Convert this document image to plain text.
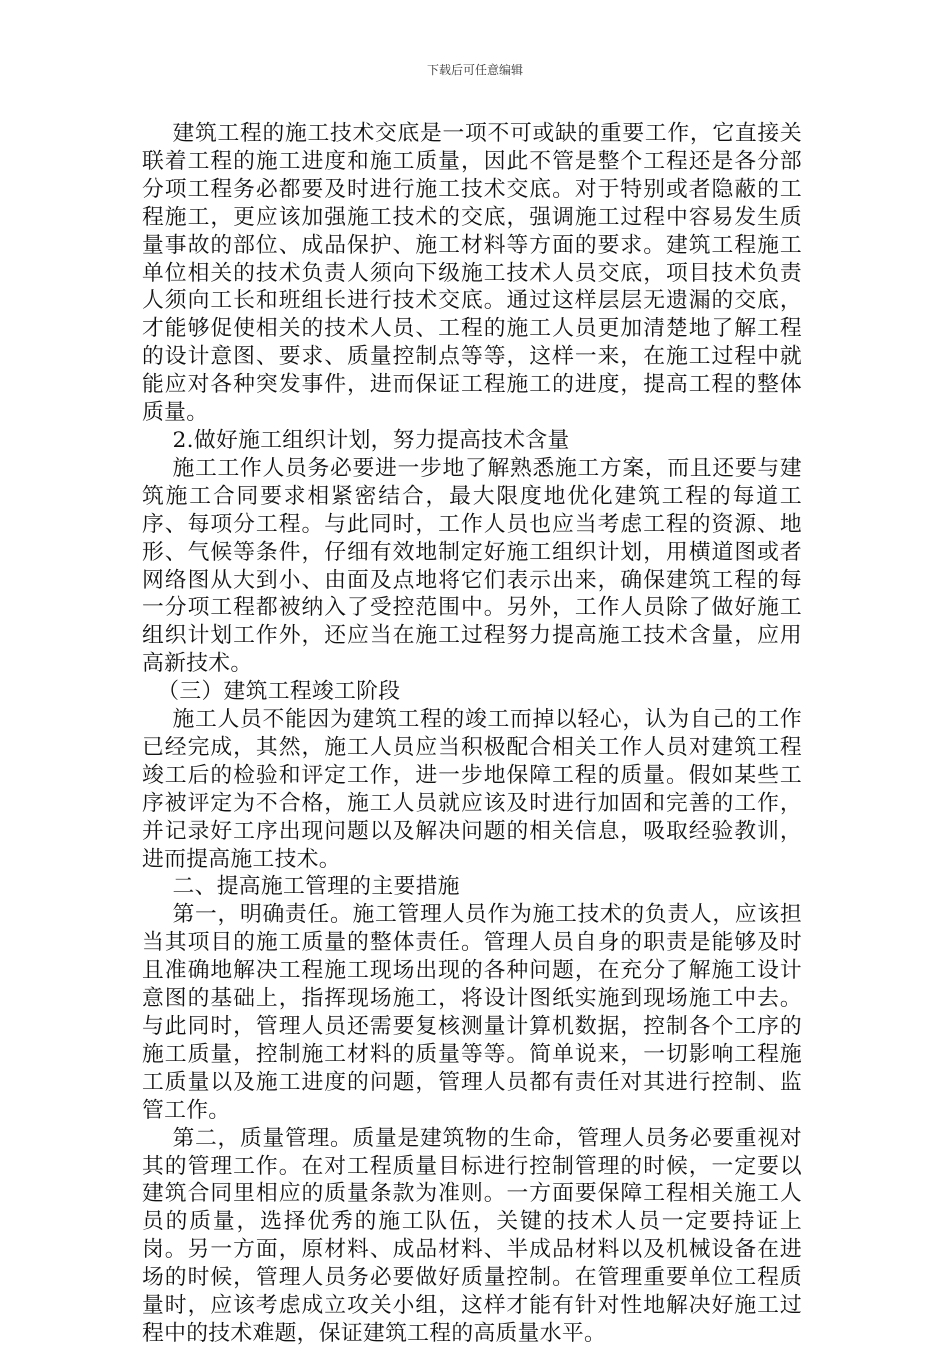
下载后可任意编辑

建筑工程的施工技术交底是一项不可或缺的重要工作，它直接关联着工程的施工进度和施工质量，因此不管是整个工程还是各分部分项工程务必都要及时进行施工技术交底。对于特别或者隐蔽的工程施工，更应该加强施工技术的交底，强调施工过程中容易发生质量事故的部位、成品保护、施工材料等方面的要求。建筑工程施工单位相关的技术负责人须向下级施工技术人员交底，项目技术负责人须向工长和班组长进行技术交底。通过这样层层无遗漏的交底，才能够促使相关的技术人员、工程的施工人员更加清楚地了解工程的设计意图、要求、质量控制点等等，这样一来，在施工过程中就能应对各种突发事件，进而保证工程施工的进度，提高工程的整体质量。

2.做好施工组织计划，努力提高技术含量

施工工作人员务必要进一步地了解熟悉施工方案，而且还要与建筑施工合同要求相紧密结合，最大限度地优化建筑工程的每道工序、每项分工程。与此同时，工作人员也应当考虑工程的资源、地形、气候等条件，仔细有效地制定好施工组织计划，用横道图或者网络图从大到小、由面及点地将它们表示出来，确保建筑工程的每一分项工程都被纳入了受控范围中。另外，工作人员除了做好施工组织计划工作外，还应当在施工过程努力提高施工技术含量，应用高新技术。

（三）建筑工程竣工阶段

施工人员不能因为建筑工程的竣工而掉以轻心，认为自己的工作已经完成，其然，施工人员应当积极配合相关工作人员对建筑工程竣工后的检验和评定工作，进一步地保障工程的质量。假如某些工序被评定为不合格，施工人员就应该及时进行加固和完善的工作，并记录好工序出现问题以及解决问题的相关信息，吸取经验教训，进而提高施工技术。

二、提高施工管理的主要措施

第一，明确责任。施工管理人员作为施工技术的负责人，应该担当其项目的施工质量的整体责任。管理人员自身的职责是能够及时且准确地解决工程施工现场出现的各种问题，在充分了解施工设计意图的基础上，指挥现场施工，将设计图纸实施到现场施工中去。与此同时，管理人员还需要复核测量计算机数据，控制各个工序的施工质量，控制施工材料的质量等等。简单说来，一切影响工程施工质量以及施工进度的问题，管理人员都有责任对其进行控制、监管工作。

第二，质量管理。质量是建筑物的生命，管理人员务必要重视对其的管理工作。在对工程质量目标进行控制管理的时候，一定要以建筑合同里相应的质量条款为准则。一方面要保障工程相关施工人员的质量，选择优秀的施工队伍，关键的技术人员一定要持证上岗。另一方面，原材料、成品材料、半成品材料以及机械设备在进场的时候，管理人员务必要做好质量控制。在管理重要单位工程质量时，应该考虑成立攻关小组，这样才能有针对性地解决好施工过程中的技术难题，保证建筑工程的高质量水平。
